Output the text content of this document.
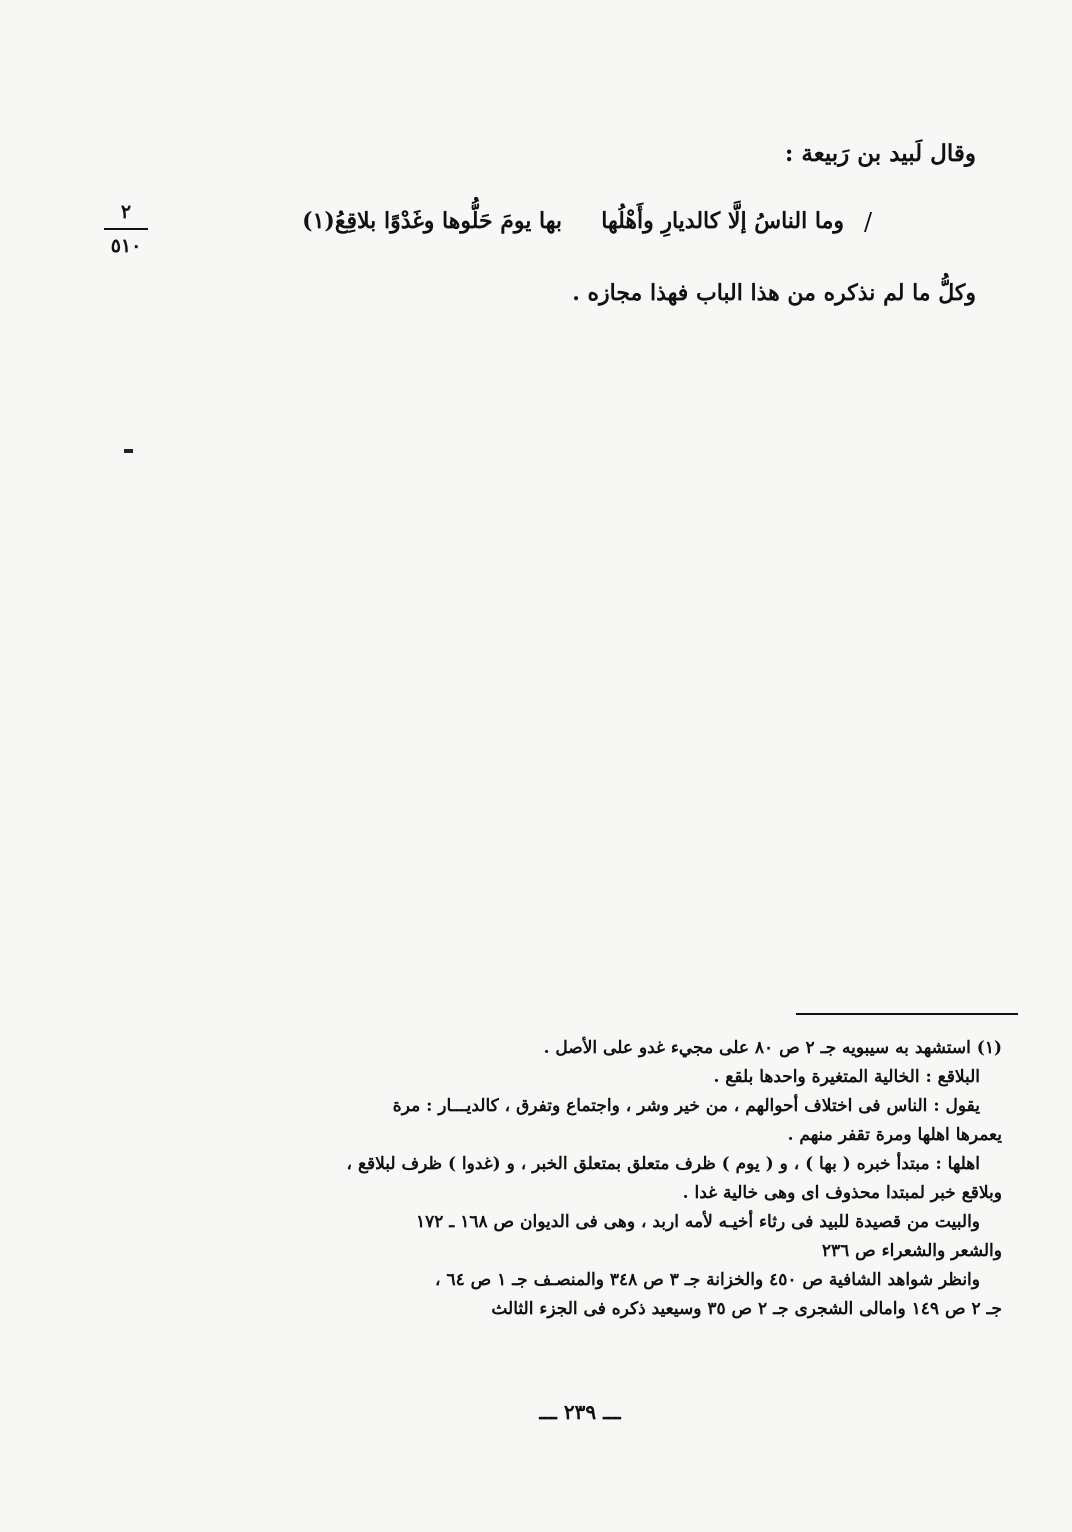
وقال لَبيد بن رَبيعة :
/
وما الناسُ إلَّا كالديارِ وأَهْلُها
بها يومَ حَلُّوها وغَدْوًا بلاقِعُ(١)
وكلُّ ما لم نذكره من هذا الباب فهذا مجازه .
٢
٥١٠
(١) استشهد به سيبويه جـ ٢ ص ٨٠ على مجيء غدو على الأصل .
البلاقع : الخالية المتغيرة واحدها بلقع .
يقول : الناس فى اختلاف أحوالهم ، من خير وشر ، واجتماع وتفرق ، كالديـــار : مرة
يعمرها اهلها ومرة تقفر منهم .
اهلها : مبتدأ خبره ( بها ) ، و ( يوم ) ظرف متعلق بمتعلق الخبر ، و (غدوا ) ظرف لبلاقع ،
وبلاقع خبر لمبتدا محذوف اى وهى خالية غدا .
والبيت من قصيدة للبيد فى رثاء أخيـه لأمه اربد ، وهى فى الديوان ص ١٦٨ ـ ١٧٢
والشعر والشعراء ص ٢٣٦
وانظر شواهد الشافية ص ٤٥٠ والخزانة جـ ٣ ص ٣٤٨ والمنصـف جـ ١ ص ٦٤ ،
جـ ٢ ص ١٤٩ وامالى الشجرى جـ ٢ ص ٣٥ وسيعيد ذكره فى الجزء الثالث
ـــ ٢٣٩ ـــ
